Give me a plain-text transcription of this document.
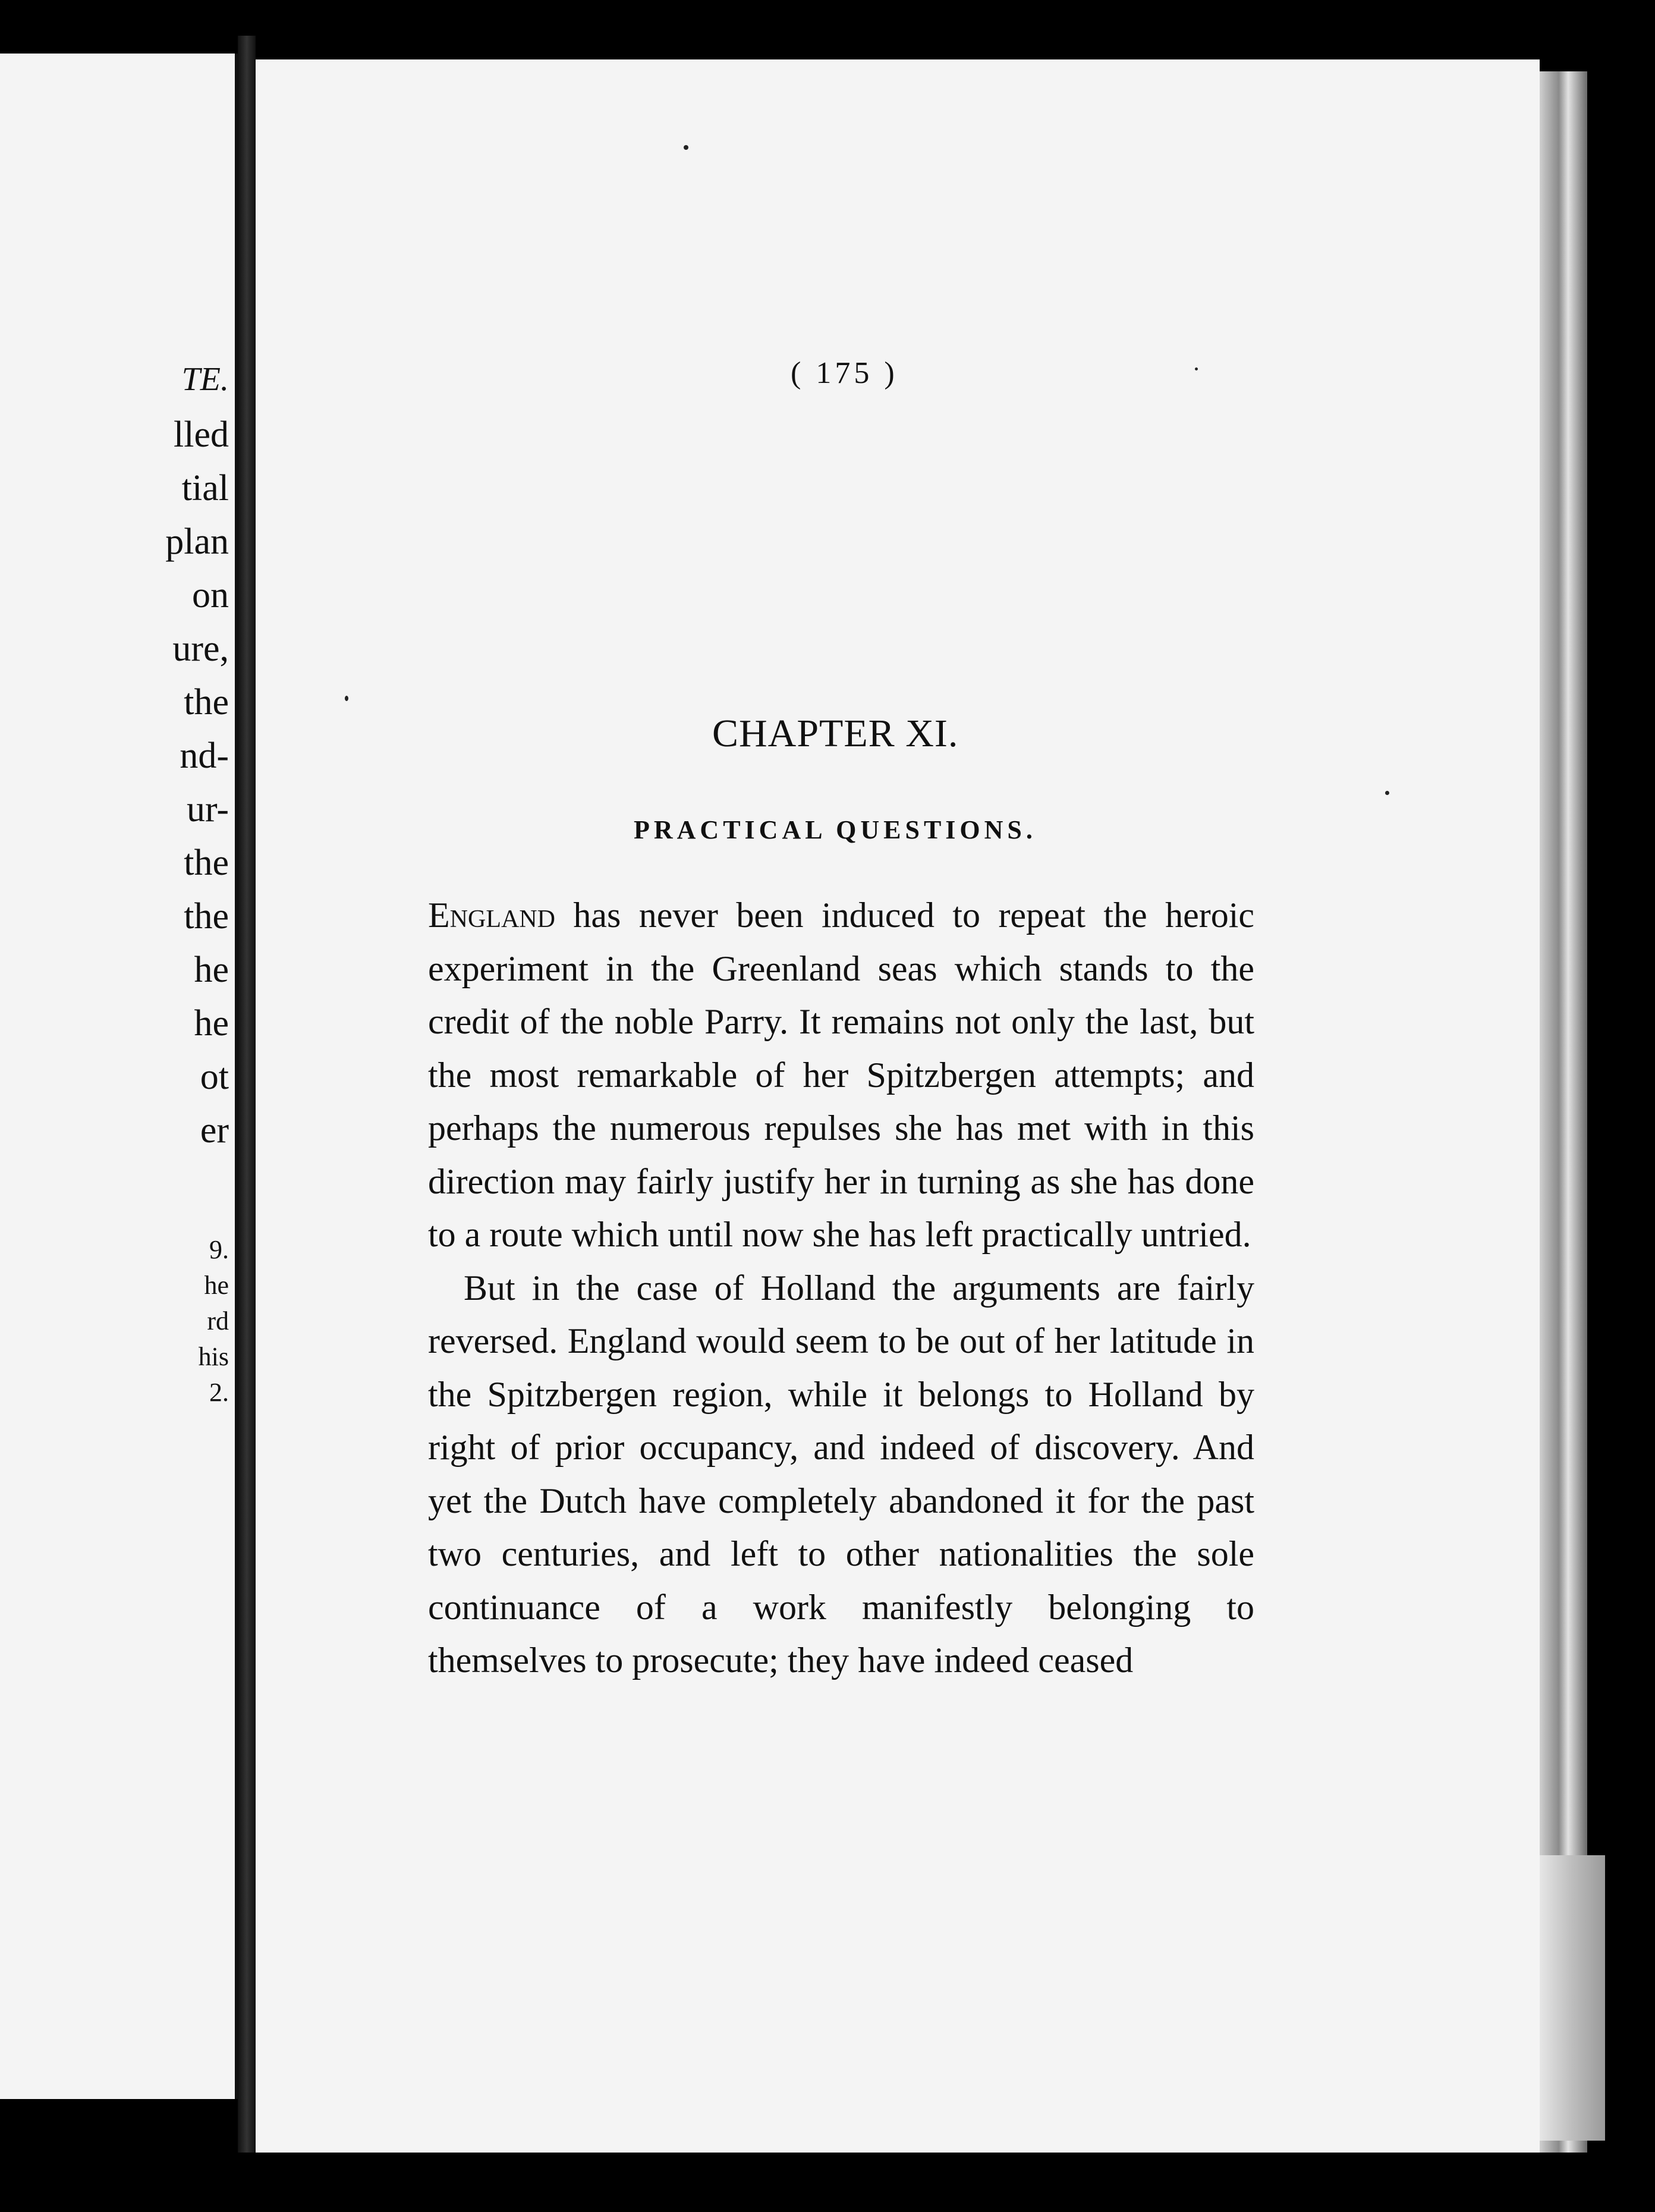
TE.
lled
tial
plan
on
ure,
the
nd-
ur-
the
the
he
he
ot
er
9.
he
rd
his
2.
( 175 )
CHAPTER XI.
PRACTICAL QUESTIONS.

England has never been induced to repeat the heroic experiment in the Greenland seas which stands to the credit of the noble Parry. It remains not only the last, but the most remarkable of her Spitzbergen attempts; and perhaps the numerous repulses she has met with in this direction may fairly justify her in turning as she has done to a route which until now she has left practically untried.

But in the case of Holland the arguments are fairly reversed. England would seem to be out of her latitude in the Spitzbergen region, while it belongs to Holland by right of prior occupancy, and indeed of discovery. And yet the Dutch have completely abandoned it for the past two centuries, and left to other nationalities the sole continuance of a work manifestly belonging to themselves to prosecute; they have indeed ceased
